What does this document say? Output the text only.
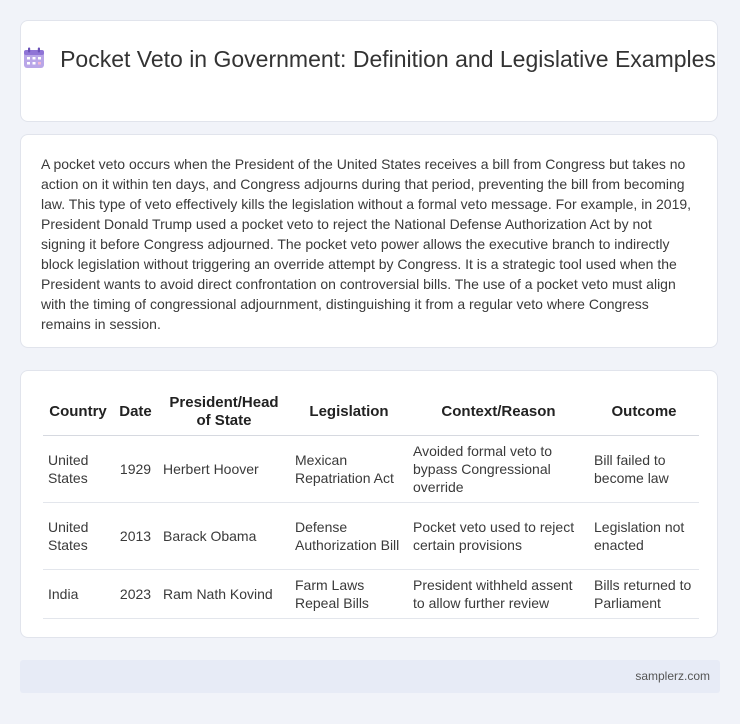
Pocket Veto in Government: Definition and Legislative Examples

A pocket veto occurs when the President of the United States receives a bill from Congress but takes no action on it within ten days, and Congress adjourns during that period, preventing the bill from becoming law. This type of veto effectively kills the legislation without a formal veto message. For example, in 2019, President Donald Trump used a pocket veto to reject the National Defense Authorization Act by not signing it before Congress adjourned. The pocket veto power allows the executive branch to indirectly block legislation without triggering an override attempt by Congress. It is a strategic tool used when the President wants to avoid direct confrontation on controversial bills. The use of a pocket veto must align with the timing of congressional adjournment, distinguishing it from a regular veto where Congress remains in session.

Country	Date	President/Head of State	Legislation	Context/Reason	Outcome
United States	1929	Herbert Hoover	Mexican Repatriation Act	Avoided formal veto to bypass Congressional override	Bill failed to become law
United States	2013	Barack Obama	Defense Authorization Bill	Pocket veto used to reject certain provisions	Legislation not enacted
India	2023	Ram Nath Kovind	Farm Laws Repeal Bills	President withheld assent to allow further review	Bills returned to Parliament
samplerz.com
